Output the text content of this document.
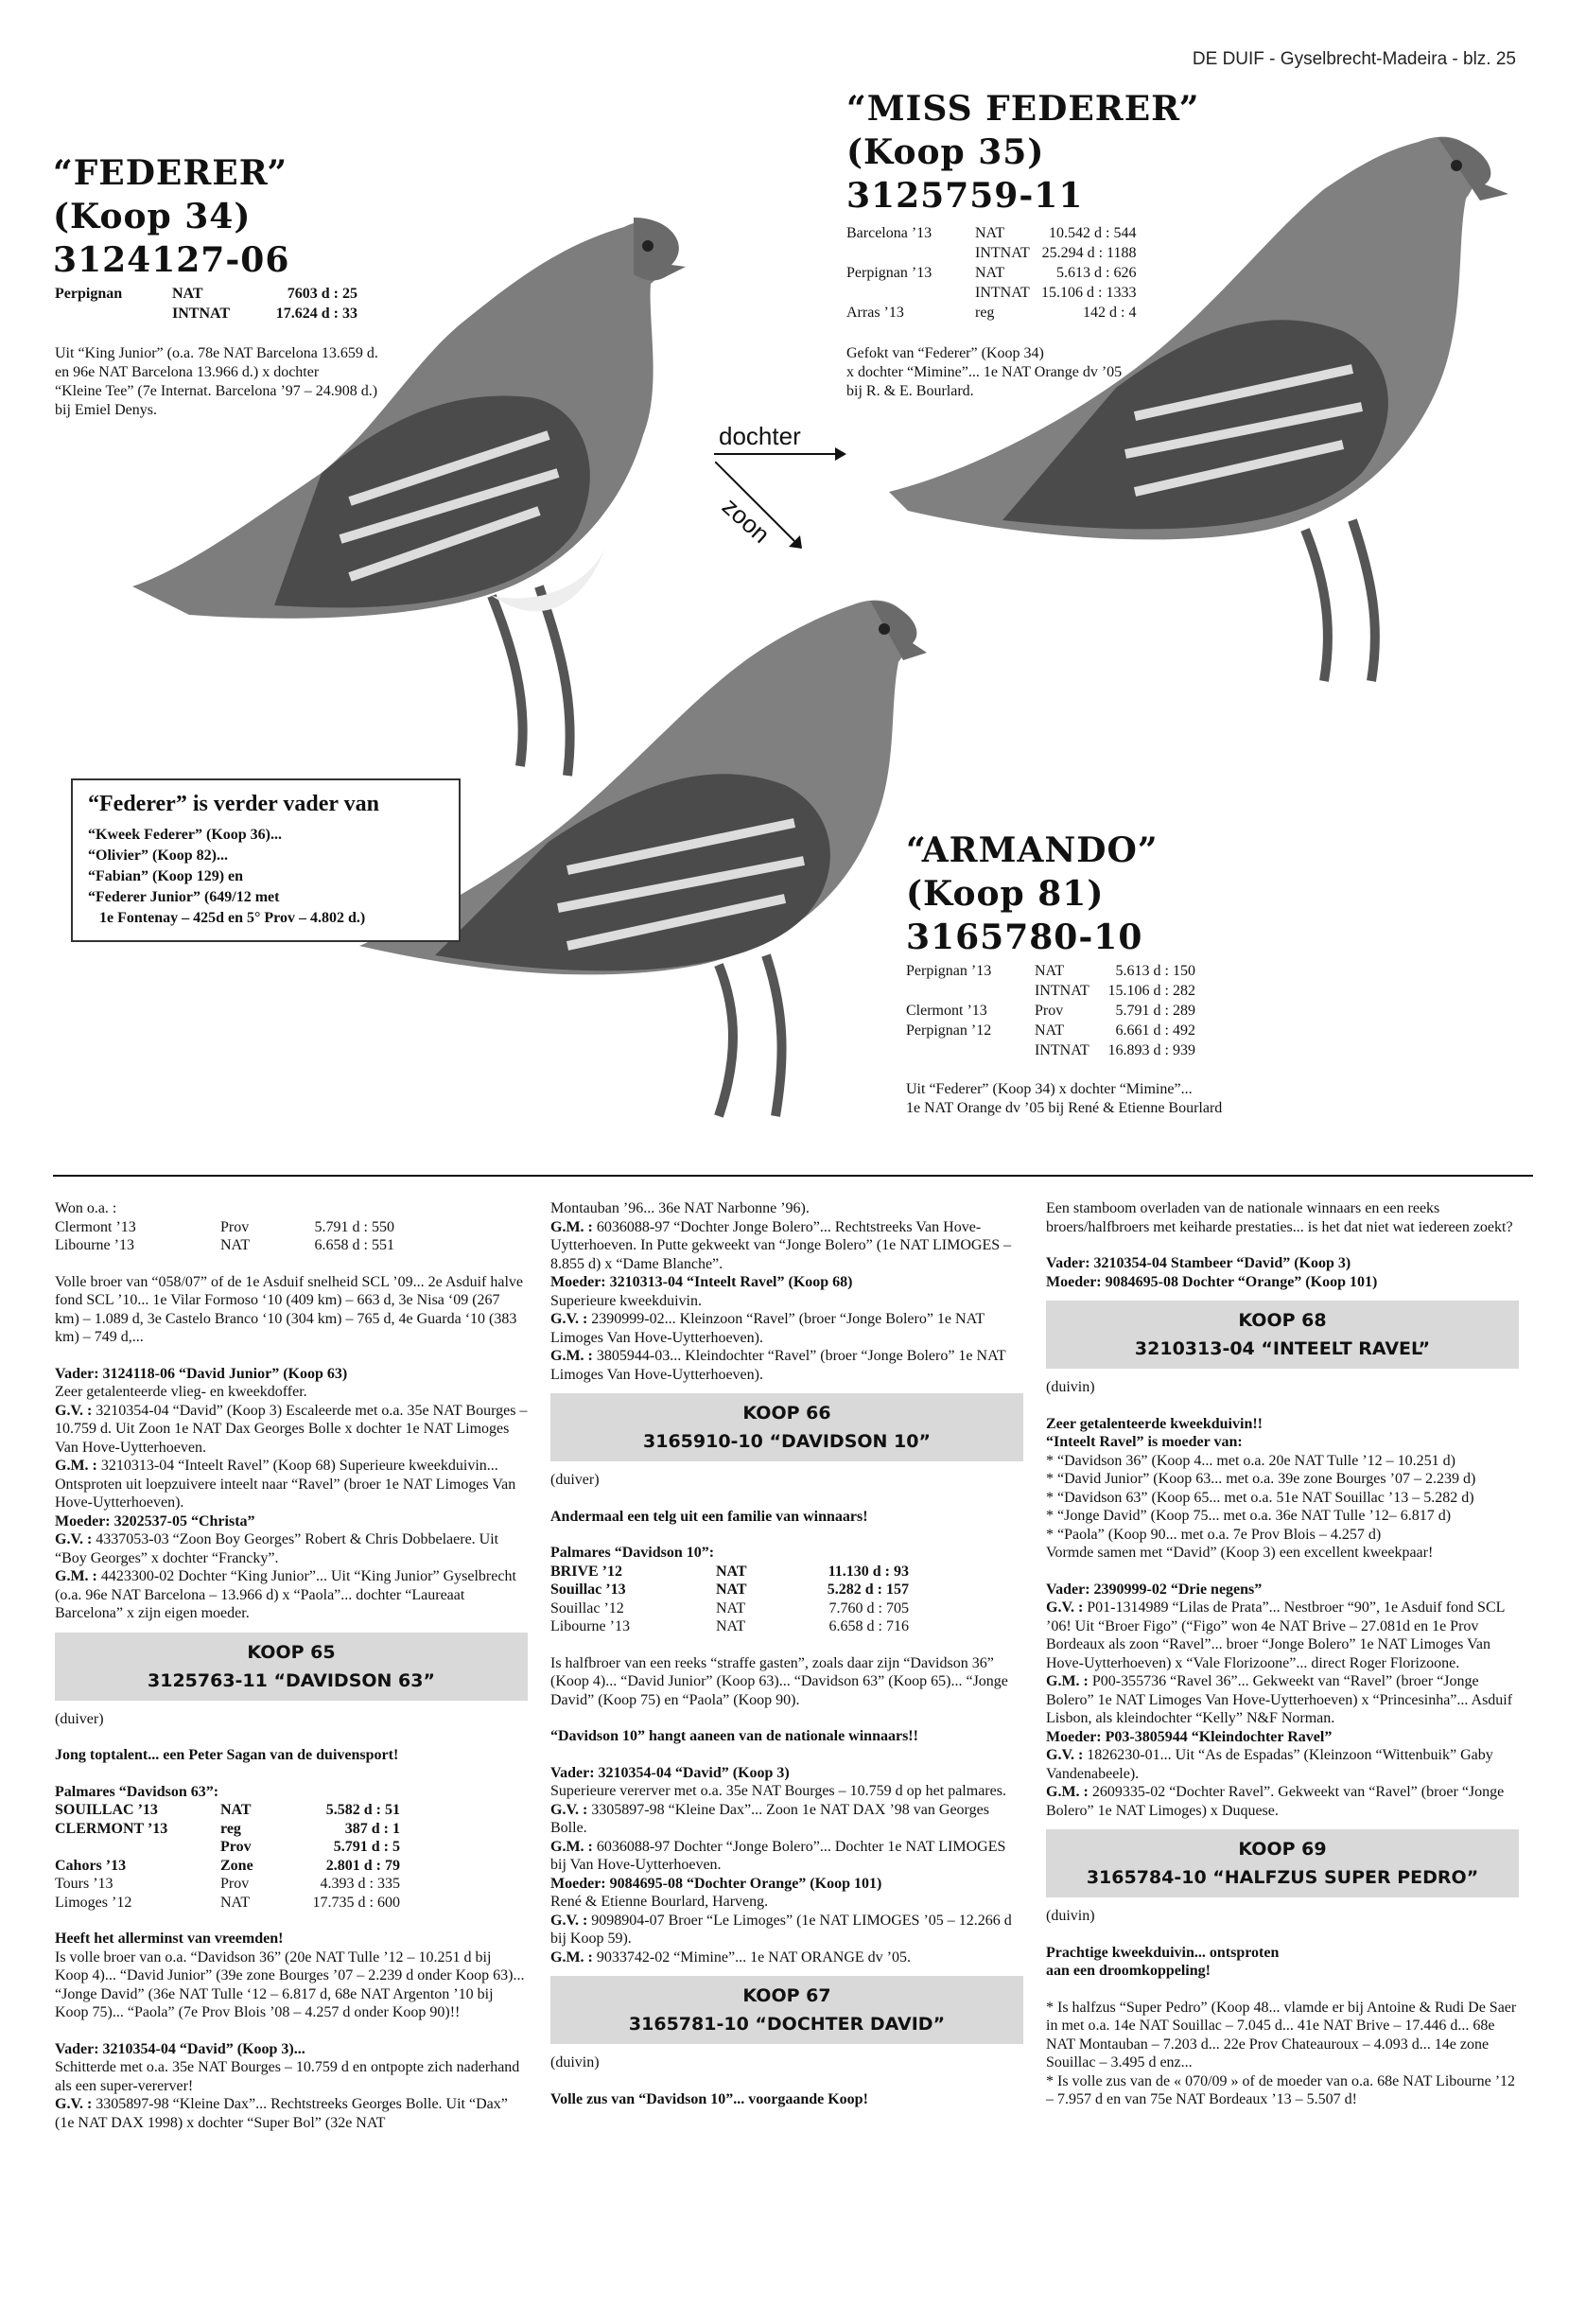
DE DUIF - Gyselbrecht-Madeira - blz. 25
“FEDERER”
(Koop 34)
3124127-06
Perpignan	NAT	7603 d : 25
	INTNAT	17.624 d : 33
Uit “King Junior” (o.a. 78e NAT Barcelona 13.659 d.
en 96e NAT Barcelona 13.966 d.) x dochter
“Kleine Tee” (7e Internat. Barcelona ’97 – 24.908 d.)
bij Emiel Denys.
“MISS FEDERER”
(Koop 35)
3125759-11
Barcelona ’13	NAT	10.542 d : 544
	INTNAT	25.294 d : 1188
Perpignan ’13	NAT	5.613 d : 626
	INTNAT	15.106 d : 1333
Arras ’13	reg	142 d : 4
Gefokt van “Federer” (Koop 34)
x dochter “Mimine”... 1e NAT Orange dv ’05
bij R. & E. Bourlard.
dochter
zoon
“Federer” is verder vader van
“Kweek Federer” (Koop 36)...
“Olivier” (Koop 82)...
“Fabian” (Koop 129) en
“Federer Junior” (649/12 met
1e Fontenay – 425d en 5° Prov – 4.802 d.)
“ARMANDO”
(Koop 81)
3165780-10
Perpignan ’13	NAT	5.613 d : 150
	INTNAT	15.106 d : 282
Clermont ’13	Prov	5.791 d : 289
Perpignan ’12	NAT	6.661 d : 492
	INTNAT	16.893 d : 939
Uit “Federer” (Koop 34) x dochter “Mimine”...
1e NAT Orange dv ’05 bij René & Etienne Bourlard

Won o.a. :

Clermont ’13	Prov	5.791 d : 550
Libourne ’13	NAT	6.658 d : 551

Volle broer van “058/07” of de 1e Asduif snelheid SCL ’09... 2e Asduif halve fond SCL ’10... 1e Vilar Formoso ‘10 (409 km) – 663 d, 3e Nisa ‘09 (267 km) – 1.089 d, 3e Castelo Branco ‘10 (304 km) – 765 d, 4e Guarda ‘10 (383 km) – 749 d,...

Vader: 3124118-06 “David Junior” (Koop 63)

Zeer getalenteerde vlieg- en kweekdoffer.

G.V. : 3210354-04 “David” (Koop 3) Escaleerde met o.a. 35e NAT Bourges – 10.759 d. Uit Zoon 1e NAT Dax Georges Bolle x dochter 1e NAT Limoges Van Hove-Uytterhoeven.

G.M. : 3210313-04 “Inteelt Ravel” (Koop 68) Superieure kweekduivin... Ontsproten uit loepzuivere inteelt naar “Ravel” (broer 1e NAT Limoges Van Hove-Uytterhoeven).

Moeder: 3202537-05 “Christa”

G.V. : 4337053-03 “Zoon Boy Georges” Robert & Chris Dobbelaere. Uit “Boy Georges” x dochter “Francky”.

G.M. : 4423300-02 Dochter “King Junior”... Uit “King Junior” Gyselbrecht (o.a. 96e NAT Barcelona – 13.966 d) x “Paola”... dochter “Laureaat Barcelona” x zijn eigen moeder.

KOOP 65
3125763-11 “DAVIDSON 63”

(duiver)

Jong toptalent... een Peter Sagan van de duivensport!

Palmares “Davidson 63”:

SOUILLAC ’13	NAT	5.582 d : 51
CLERMONT ’13	reg	387 d : 1
	Prov	5.791 d : 5
Cahors ’13	Zone	2.801 d : 79
Tours ’13	Prov	4.393 d : 335
Limoges ’12	NAT	17.735 d : 600

Heeft het allerminst van vreemden!

Is volle broer van o.a. “Davidson 36” (20e NAT Tulle ’12 – 10.251 d bij Koop 4)... “David Junior” (39e zone Bourges ’07 – 2.239 d onder Koop 63)... “Jonge David” (36e NAT Tulle ‘12 – 6.817 d, 68e NAT Argenton ’10 bij Koop 75)... “Paola” (7e Prov Blois ’08 – 4.257 d onder Koop 90)!!

Vader: 3210354-04 “David” (Koop 3)...

Schitterde met o.a. 35e NAT Bourges – 10.759 d en ontpopte zich naderhand als een super-vererver!

G.V. : 3305897-98 “Kleine Dax”... Rechtstreeks Georges Bolle. Uit “Dax” (1e NAT DAX 1998) x dochter “Super Bol” (32e NAT

Montauban ’96... 36e NAT Narbonne ’96).

G.M. : 6036088-97 “Dochter Jonge Bolero”... Rechtstreeks Van Hove-Uytterhoeven. In Putte gekweekt van “Jonge Bolero” (1e NAT LIMOGES – 8.855 d) x “Dame Blanche”.

Moeder: 3210313-04 “Inteelt Ravel” (Koop 68)

Superieure kweekduivin.

G.V. : 2390999-02... Kleinzoon “Ravel” (broer “Jonge Bolero” 1e NAT Limoges Van Hove-Uytterhoeven).

G.M. : 3805944-03... Kleindochter “Ravel” (broer “Jonge Bolero” 1e NAT Limoges Van Hove-Uytterhoeven).

KOOP 66
3165910-10 “DAVIDSON 10”

(duiver)

Andermaal een telg uit een familie van winnaars!

Palmares “Davidson 10”:

BRIVE ’12	NAT	11.130 d : 93
Souillac ’13	NAT	5.282 d : 157
Souillac ’12	NAT	7.760 d : 705
Libourne ’13	NAT	6.658 d : 716

Is halfbroer van een reeks “straffe gasten”, zoals daar zijn “Davidson 36” (Koop 4)... “David Junior” (Koop 63)... “Davidson 63” (Koop 65)... “Jonge David” (Koop 75) en “Paola” (Koop 90).

“Davidson 10” hangt aaneen van de nationale winnaars!!

Vader: 3210354-04 “David” (Koop 3)

Superieure vererver met o.a. 35e NAT Bourges – 10.759 d op het palmares.

G.V. : 3305897-98 “Kleine Dax”... Zoon 1e NAT DAX ’98 van Georges Bolle.

G.M. : 6036088-97 Dochter “Jonge Bolero”... Dochter 1e NAT LIMOGES bij Van Hove-Uytterhoeven.

Moeder: 9084695-08 “Dochter Orange” (Koop 101)

René & Etienne Bourlard, Harveng.

G.V. : 9098904-07 Broer “Le Limoges” (1e NAT LIMOGES ’05 – 12.266 d bij Koop 59).

G.M. : 9033742-02 “Mimine”... 1e NAT ORANGE dv ’05.

KOOP 67
3165781-10 “DOCHTER DAVID”

(duivin)

Volle zus van “Davidson 10”... voorgaande Koop!

Een stamboom overladen van de nationale winnaars en een reeks broers/halfbroers met keiharde prestaties... is het dat niet wat iedereen zoekt?

Vader: 3210354-04 Stambeer “David” (Koop 3)

Moeder: 9084695-08 Dochter “Orange” (Koop 101)

KOOP 68
3210313-04 “INTEELT RAVEL”

(duivin)

Zeer getalenteerde kweekduivin!!

“Inteelt Ravel” is moeder van:

* “Davidson 36” (Koop 4... met o.a. 20e NAT Tulle ’12 – 10.251 d)

* “David Junior” (Koop 63... met o.a. 39e zone Bourges ’07 – 2.239 d)

* “Davidson 63” (Koop 65... met o.a. 51e NAT Souillac ’13 – 5.282 d)

* “Jonge David” (Koop 75... met o.a. 36e NAT Tulle ’12– 6.817 d)

* “Paola” (Koop 90... met o.a. 7e Prov Blois – 4.257 d)

Vormde samen met “David” (Koop 3) een excellent kweekpaar!

Vader: 2390999-02 “Drie negens”

G.V. : P01-1314989 “Lilas de Prata”... Nestbroer “90”, 1e Asduif fond SCL ’06! Uit “Broer Figo” (“Figo” won 4e NAT Brive – 27.081d en 1e Prov Bordeaux als zoon “Ravel”... broer “Jonge Bolero” 1e NAT Limoges Van Hove-Uytterhoeven) x “Vale Florizoone”... direct Roger Florizoone.

G.M. : P00-355736 “Ravel 36”... Gekweekt van “Ravel” (broer “Jonge Bolero” 1e NAT Limoges Van Hove-Uytterhoeven) x “Princesinha”... Asduif Lisbon, als kleindochter “Kelly” N&F Norman.

Moeder: P03-3805944 “Kleindochter Ravel”

G.V. : 1826230-01... Uit “As de Espadas” (Kleinzoon “Wittenbuik” Gaby Vandenabeele).

G.M. : 2609335-02 “Dochter Ravel”. Gekweekt van “Ravel” (broer “Jonge Bolero” 1e NAT Limoges) x Duquese.

KOOP 69
3165784-10 “HALFZUS SUPER PEDRO”

(duivin)

Prachtige kweekduivin... ontsproten

aan een droomkoppeling!

* Is halfzus “Super Pedro” (Koop 48... vlamde er bij Antoine & Rudi De Saer in met o.a. 14e NAT Souillac – 7.045 d... 41e NAT Brive – 17.446 d... 68e NAT Montauban – 7.203 d... 22e Prov Chateauroux – 4.093 d... 14e zone Souillac – 3.495 d enz...

* Is volle zus van de « 070/09 » of de moeder van o.a. 68e NAT Libourne ’12 – 7.957 d en van 75e NAT Bordeaux ’13 – 5.507 d!
